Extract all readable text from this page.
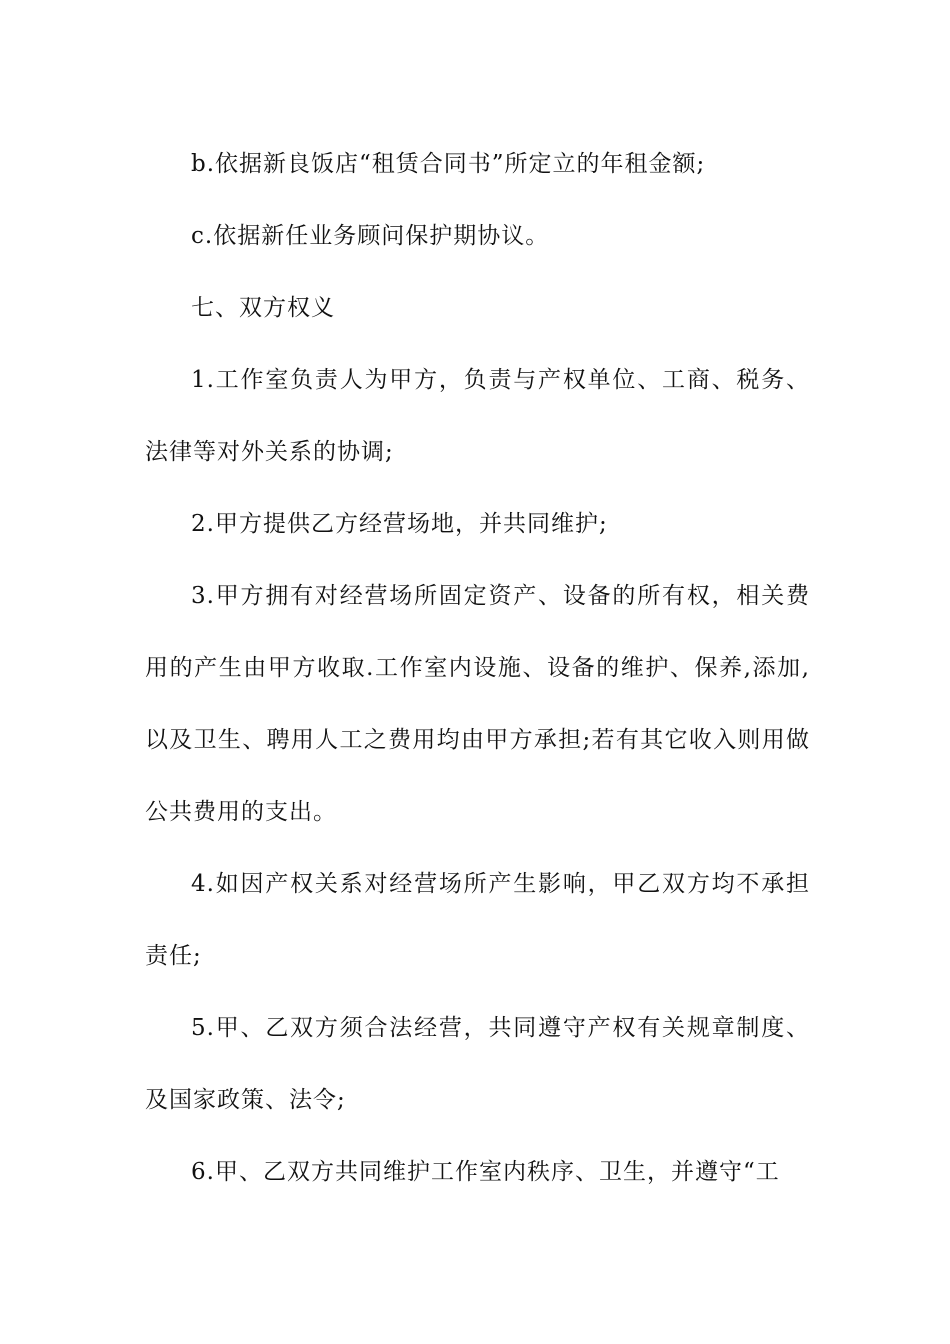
b.依据新良饭店“租赁合同书”所定立的年租金额;

c.依据新任业务顾问保护期协议。

七、双方权义

1.工作室负责人为甲方，负责与产权单位、工商、税务、法律等对外关系的协调;

2.甲方提供乙方经营场地，并共同维护;

3.甲方拥有对经营场所固定资产、设备的所有权，相关费用的产生由甲方收取.工作室内设施、设备的维护、保养,添加,以及卫生、聘用人工之费用均由甲方承担;若有其它收入则用做公共费用的支出。

4.如因产权关系对经营场所产生影响，甲乙双方均不承担责任;

5.甲、乙双方须合法经营，共同遵守产权有关规章制度、及国家政策、法令;

6.甲、乙双方共同维护工作室内秩序、卫生，并遵守“工
